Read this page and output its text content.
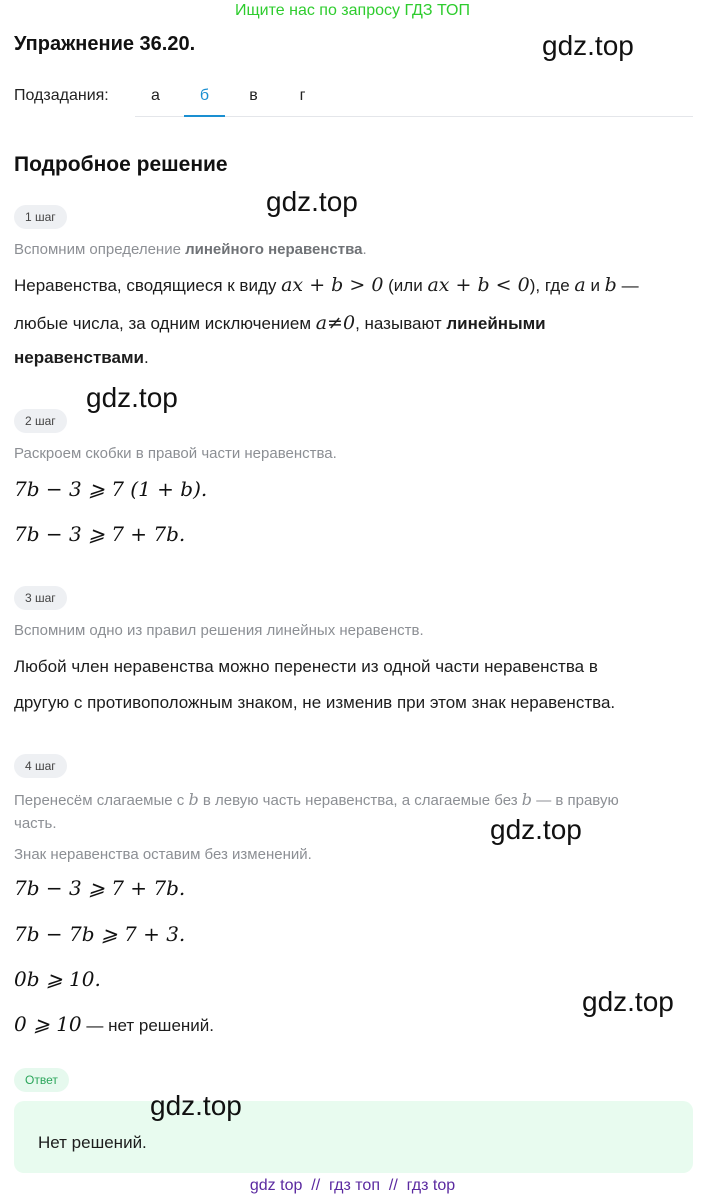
Ищите нас по запросу ГДЗ ТОП
Упражнение 36.20.	gdz.top
Подзадания:	а	б	в	г
Подробное решение
gdz.top
1 шаг
Вспомним определение линейного неравенства.
Неравенства, сводящиеся к виду ax + b > 0 (или ax + b < 0), где a и b —
любые числа, за одним исключением a≠0, называют линейными
неравенствами.
gdz.top
2 шаг
Раскроем скобки в правой части неравенства.
7b − 3 ⩾ 7 (1 + b).
7b − 3 ⩾ 7 + 7b.
3 шаг
Вспомним одно из правил решения линейных неравенств.
Любой член неравенства можно перенести из одной части неравенства в
другую с противоположным знаком, не изменив при этом знак неравенства.
4 шаг
Перенесём слагаемые с b в левую часть неравенства, а слагаемые без b — в правую
часть.	gdz.top
Знак неравенства оставим без изменений.
7b − 3 ⩾ 7 + 7b.
7b − 7b ⩾ 7 + 3.
0b ⩾ 10.
gdz.top
0 ⩾ 10 — нет решений.
Ответ
gdz.top
Нет решений.
gdz top  //  гдз топ  //  гдз top
